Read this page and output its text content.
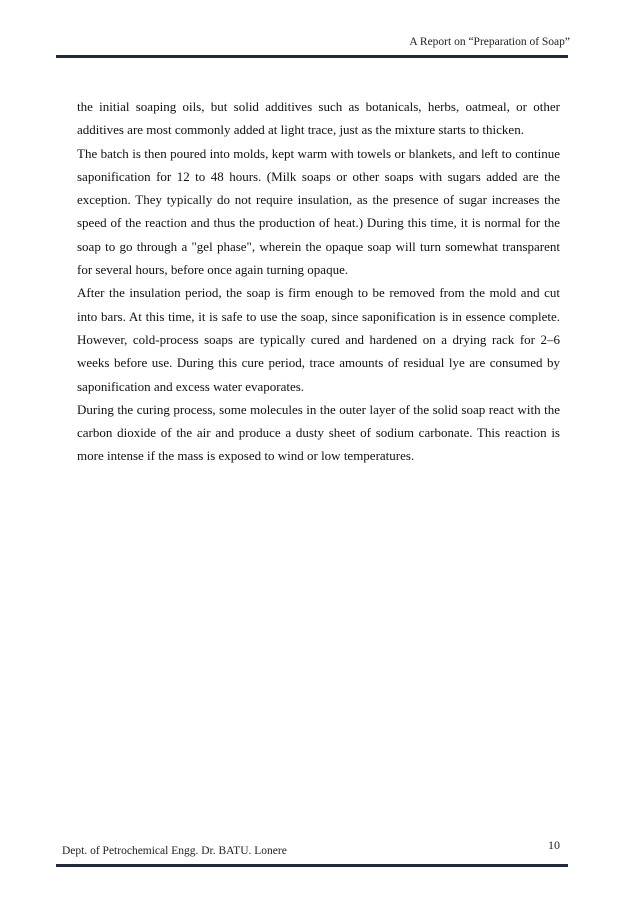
A Report on “Preparation of Soap”

the initial soaping oils, but solid additives such as botanicals, herbs, oatmeal, or other additives are most commonly added at light trace, just as the mixture starts to thicken.

The batch is then poured into molds, kept warm with towels or blankets, and left to continue saponification for 12 to 48 hours. (Milk soaps or other soaps with sugars added are the exception. They typically do not require insulation, as the presence of sugar increases the speed of the reaction and thus the production of heat.) During this time, it is normal for the soap to go through a "gel phase", wherein the opaque soap will turn somewhat transparent for several hours, before once again turning opaque.

After the insulation period, the soap is firm enough to be removed from the mold and cut into bars. At this time, it is safe to use the soap, since saponification is in essence complete. However, cold-process soaps are typically cured and hardened on a drying rack for 2–6 weeks before use. During this cure period, trace amounts of residual lye are consumed by saponification and excess water evaporates.

During the curing process, some molecules in the outer layer of the solid soap react with the carbon dioxide of the air and produce a dusty sheet of sodium carbonate. This reaction is more intense if the mass is exposed to wind or low temperatures.

Dept. of Petrochemical Engg. Dr. BATU. Lonere	10
